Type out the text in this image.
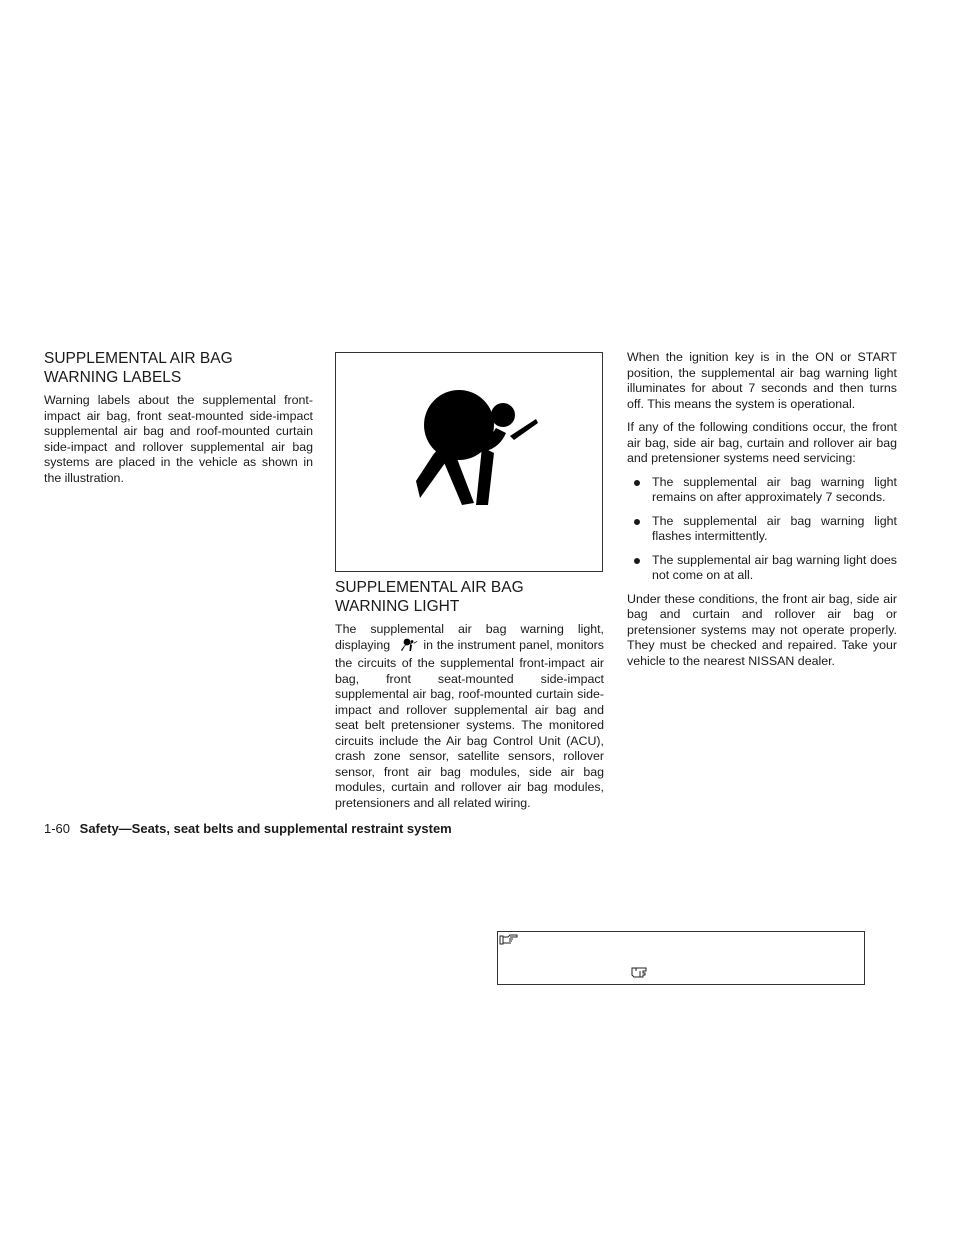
SUPPLEMENTAL AIR BAG
WARNING LABELS

Warning labels about the supplemental front-impact air bag, front seat-mounted side-impact supplemental air bag and roof-mounted curtain side-impact and rollover supplemental air bag systems are placed in the vehicle as shown in the illustration.

SUPPLEMENTAL AIR BAG
WARNING LIGHT

The supplemental air bag warning light, displaying	in the instrument panel, monitors the circuits of the supplemental front-impact air bag, front seat-mounted side-impact supplemental air bag, roof-mounted curtain side-impact and rollover supplemental air bag and seat belt pretensioner systems. The monitored circuits include the Air bag Control Unit (ACU), crash zone sensor, satellite sensors, rollover sensor, front air bag modules, side air bag modules, curtain and rollover air bag modules, pretensioners and all related wiring.

When the ignition key is in the ON or START position, the supplemental air bag warning light illuminates for about 7 seconds and then turns off. This means the system is operational.

If any of the following conditions occur, the front air bag, side air bag, curtain and rollover air bag and pretensioner systems need servicing:

The supplemental air bag warning light remains on after approximately 7 seconds.
The supplemental air bag warning light flashes intermittently.
The supplemental air bag warning light does not come on at all.

Under these conditions, the front air bag, side air bag and curtain and rollover air bag or pretensioner systems may not operate properly. They must be checked and repaired. Take your vehicle to the nearest NISSAN dealer.

1-60 Safety—Seats, seat belts and supplemental restraint system
